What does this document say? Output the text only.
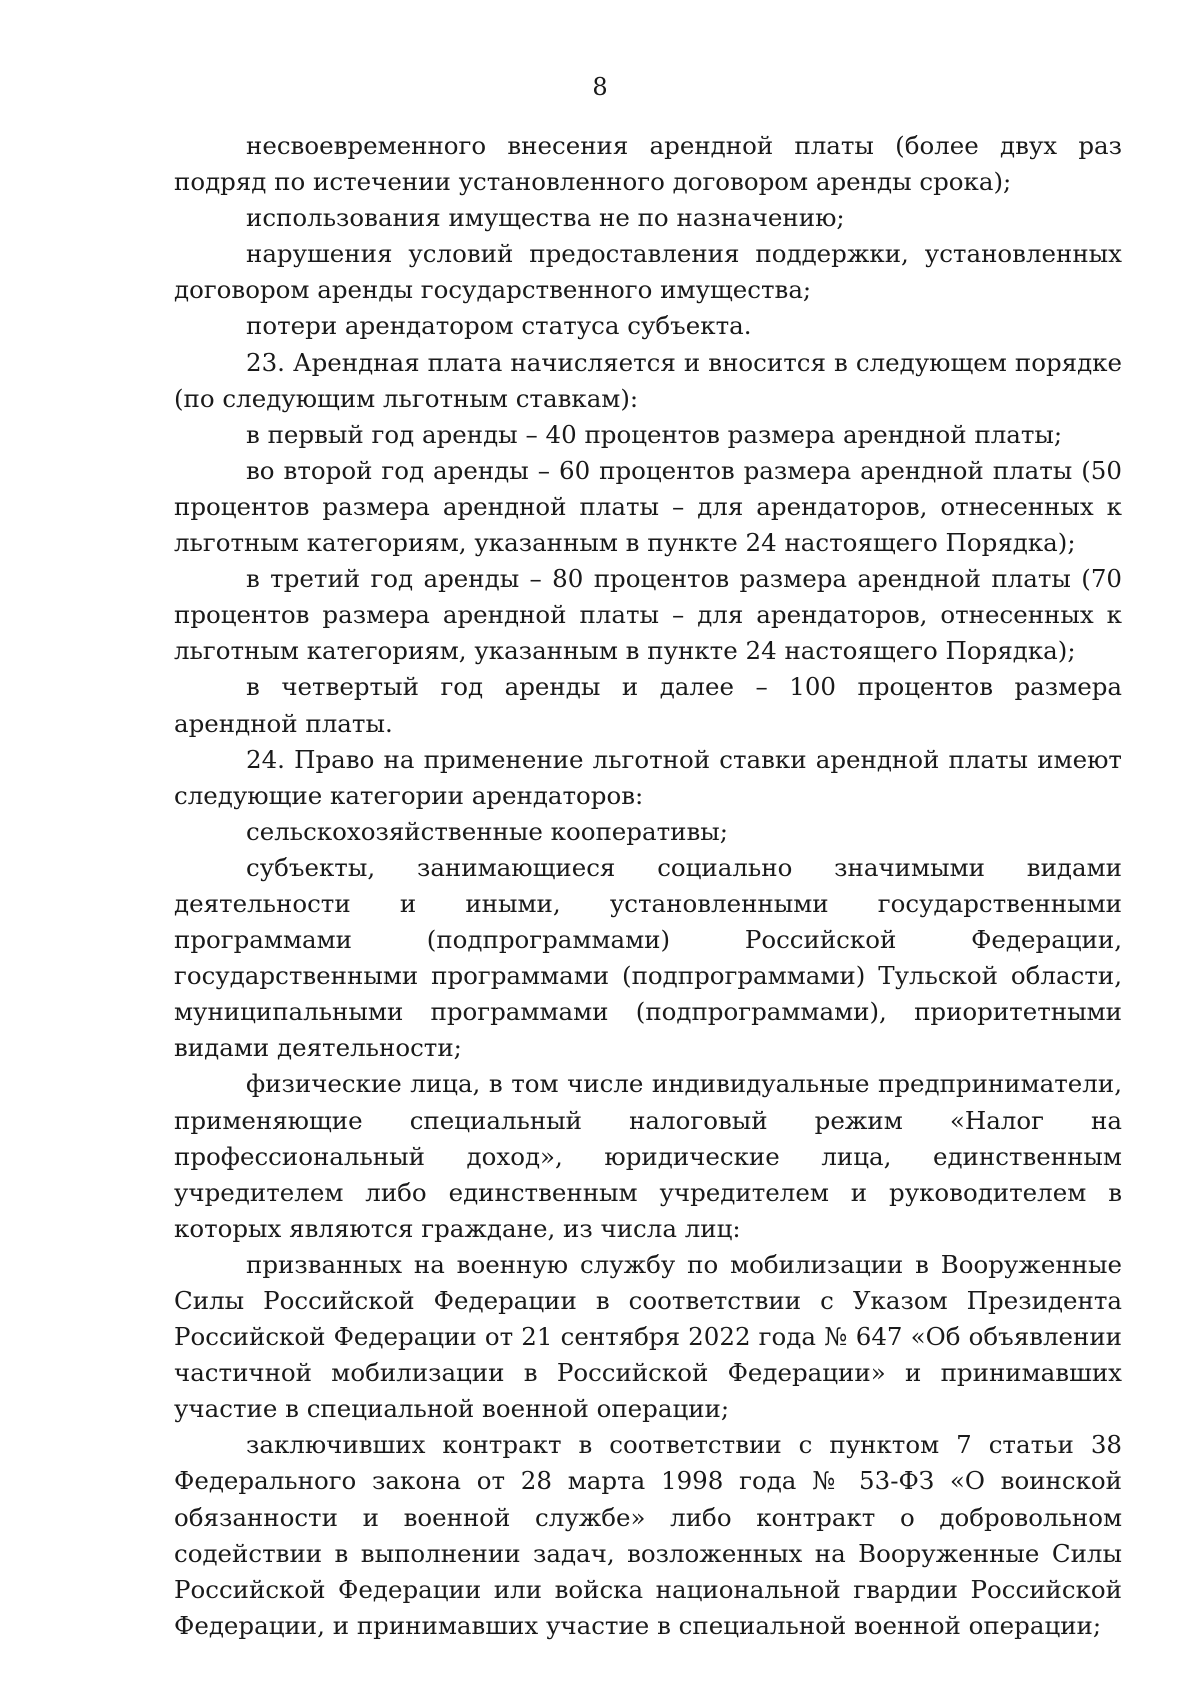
8

несвоевременного внесения арендной платы (более двух раз подряд по истечении установленного договором аренды срока);

использования имущества не по назначению;

нарушения условий предоставления поддержки, установленных договором аренды государственного имущества;

потери арендатором статуса субъекта.

23. Арендная плата начисляется и вносится в следующем порядке (по следующим льготным ставкам):

в первый год аренды – 40 процентов размера арендной платы;

во второй год аренды – 60 процентов размера арендной платы (50 процентов размера арендной платы – для арендаторов, отнесенных к льготным категориям, указанным в пункте 24 настоящего Порядка);

в третий год аренды – 80 процентов размера арендной платы (70 процентов размера арендной платы – для арендаторов, отнесенных к льготным категориям, указанным в пункте 24 настоящего Порядка);

в четвертый год аренды и далее – 100 процентов размера арендной платы.

24. Право на применение льготной ставки арендной платы имеют следующие категории арендаторов:

сельскохозяйственные кооперативы;

субъекты, занимающиеся социально значимыми видами деятельности и иными, установленными государственными программами (подпрограммами) Российской Федерации, государственными программами (подпрограммами) Тульской области, муниципальными программами (подпрограммами), приоритетными видами деятельности;

физические лица, в том числе индивидуальные предприниматели, применяющие специальный налоговый режим «Налог на профессиональный доход», юридические лица, единственным учредителем либо единственным учредителем и руководителем в которых являются граждане, из числа лиц:

призванных на военную службу по мобилизации в Вооруженные Силы Российской Федерации в соответствии с Указом Президента Российской Федерации от 21 сентября 2022 года № 647 «Об объявлении частичной мобилизации в Российской Федерации» и принимавших участие в специальной военной операции;

заключивших контракт в соответствии с пунктом 7 статьи 38 Федерального закона от 28 марта 1998 года № 53-ФЗ «О воинской обязанности и военной службе» либо контракт о добровольном содействии в выполнении задач, возложенных на Вооруженные Силы Российской Федерации или войска национальной гвардии Российской Федерации, и принимавших участие в специальной военной операции;
